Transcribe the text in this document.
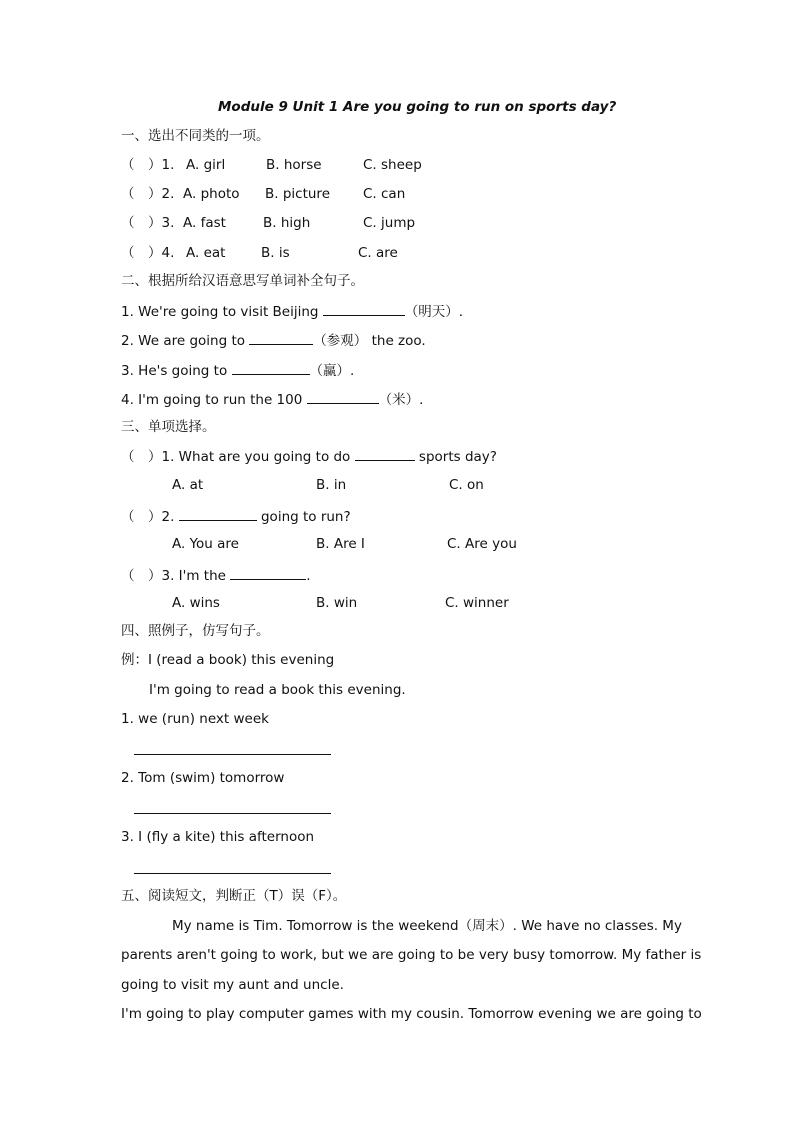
Module 9 Unit 1 Are you going to run on sports day?
一、选出不同类的一项。
（　）1. A. girl	B. horse	C. sheep
（　）2. A. photo B. picture C. can
（　）3. A. fast	B. high	C. jump
（　）4. A. eat	B. is	C. are
二、根据所给汉语意思写单词补全句子。
1. We're going to visit Beijing	（明天）.
2. We are going to	（参观） the zoo.
3. He's going to	（赢）.
4. I'm going to run the 100	（米）.
三、单项选择。
（　）1. What are you going to do	sports day?
A. at	B. in	C. on
（　）2.	going to run?
A. You are	B. Are I	C. Are you
（　）3. I'm the	.
A. wins	B. win	C. winner
四、照例子，仿写句子。
例：I (read a book) this evening
I'm going to read a book this evening.
1. we (run) next week
2. Tom (swim) tomorrow
3. I (fly a kite) this afternoon
五、阅读短文，判断正（T）误（F）。
My name is Tim. Tomorrow is the weekend（周末）. We have no classes. My
parents aren't going to work, but we are going to be very busy tomorrow. My father is
going to visit my aunt and uncle.
I'm going to play computer games with my cousin. Tomorrow evening we are going to
